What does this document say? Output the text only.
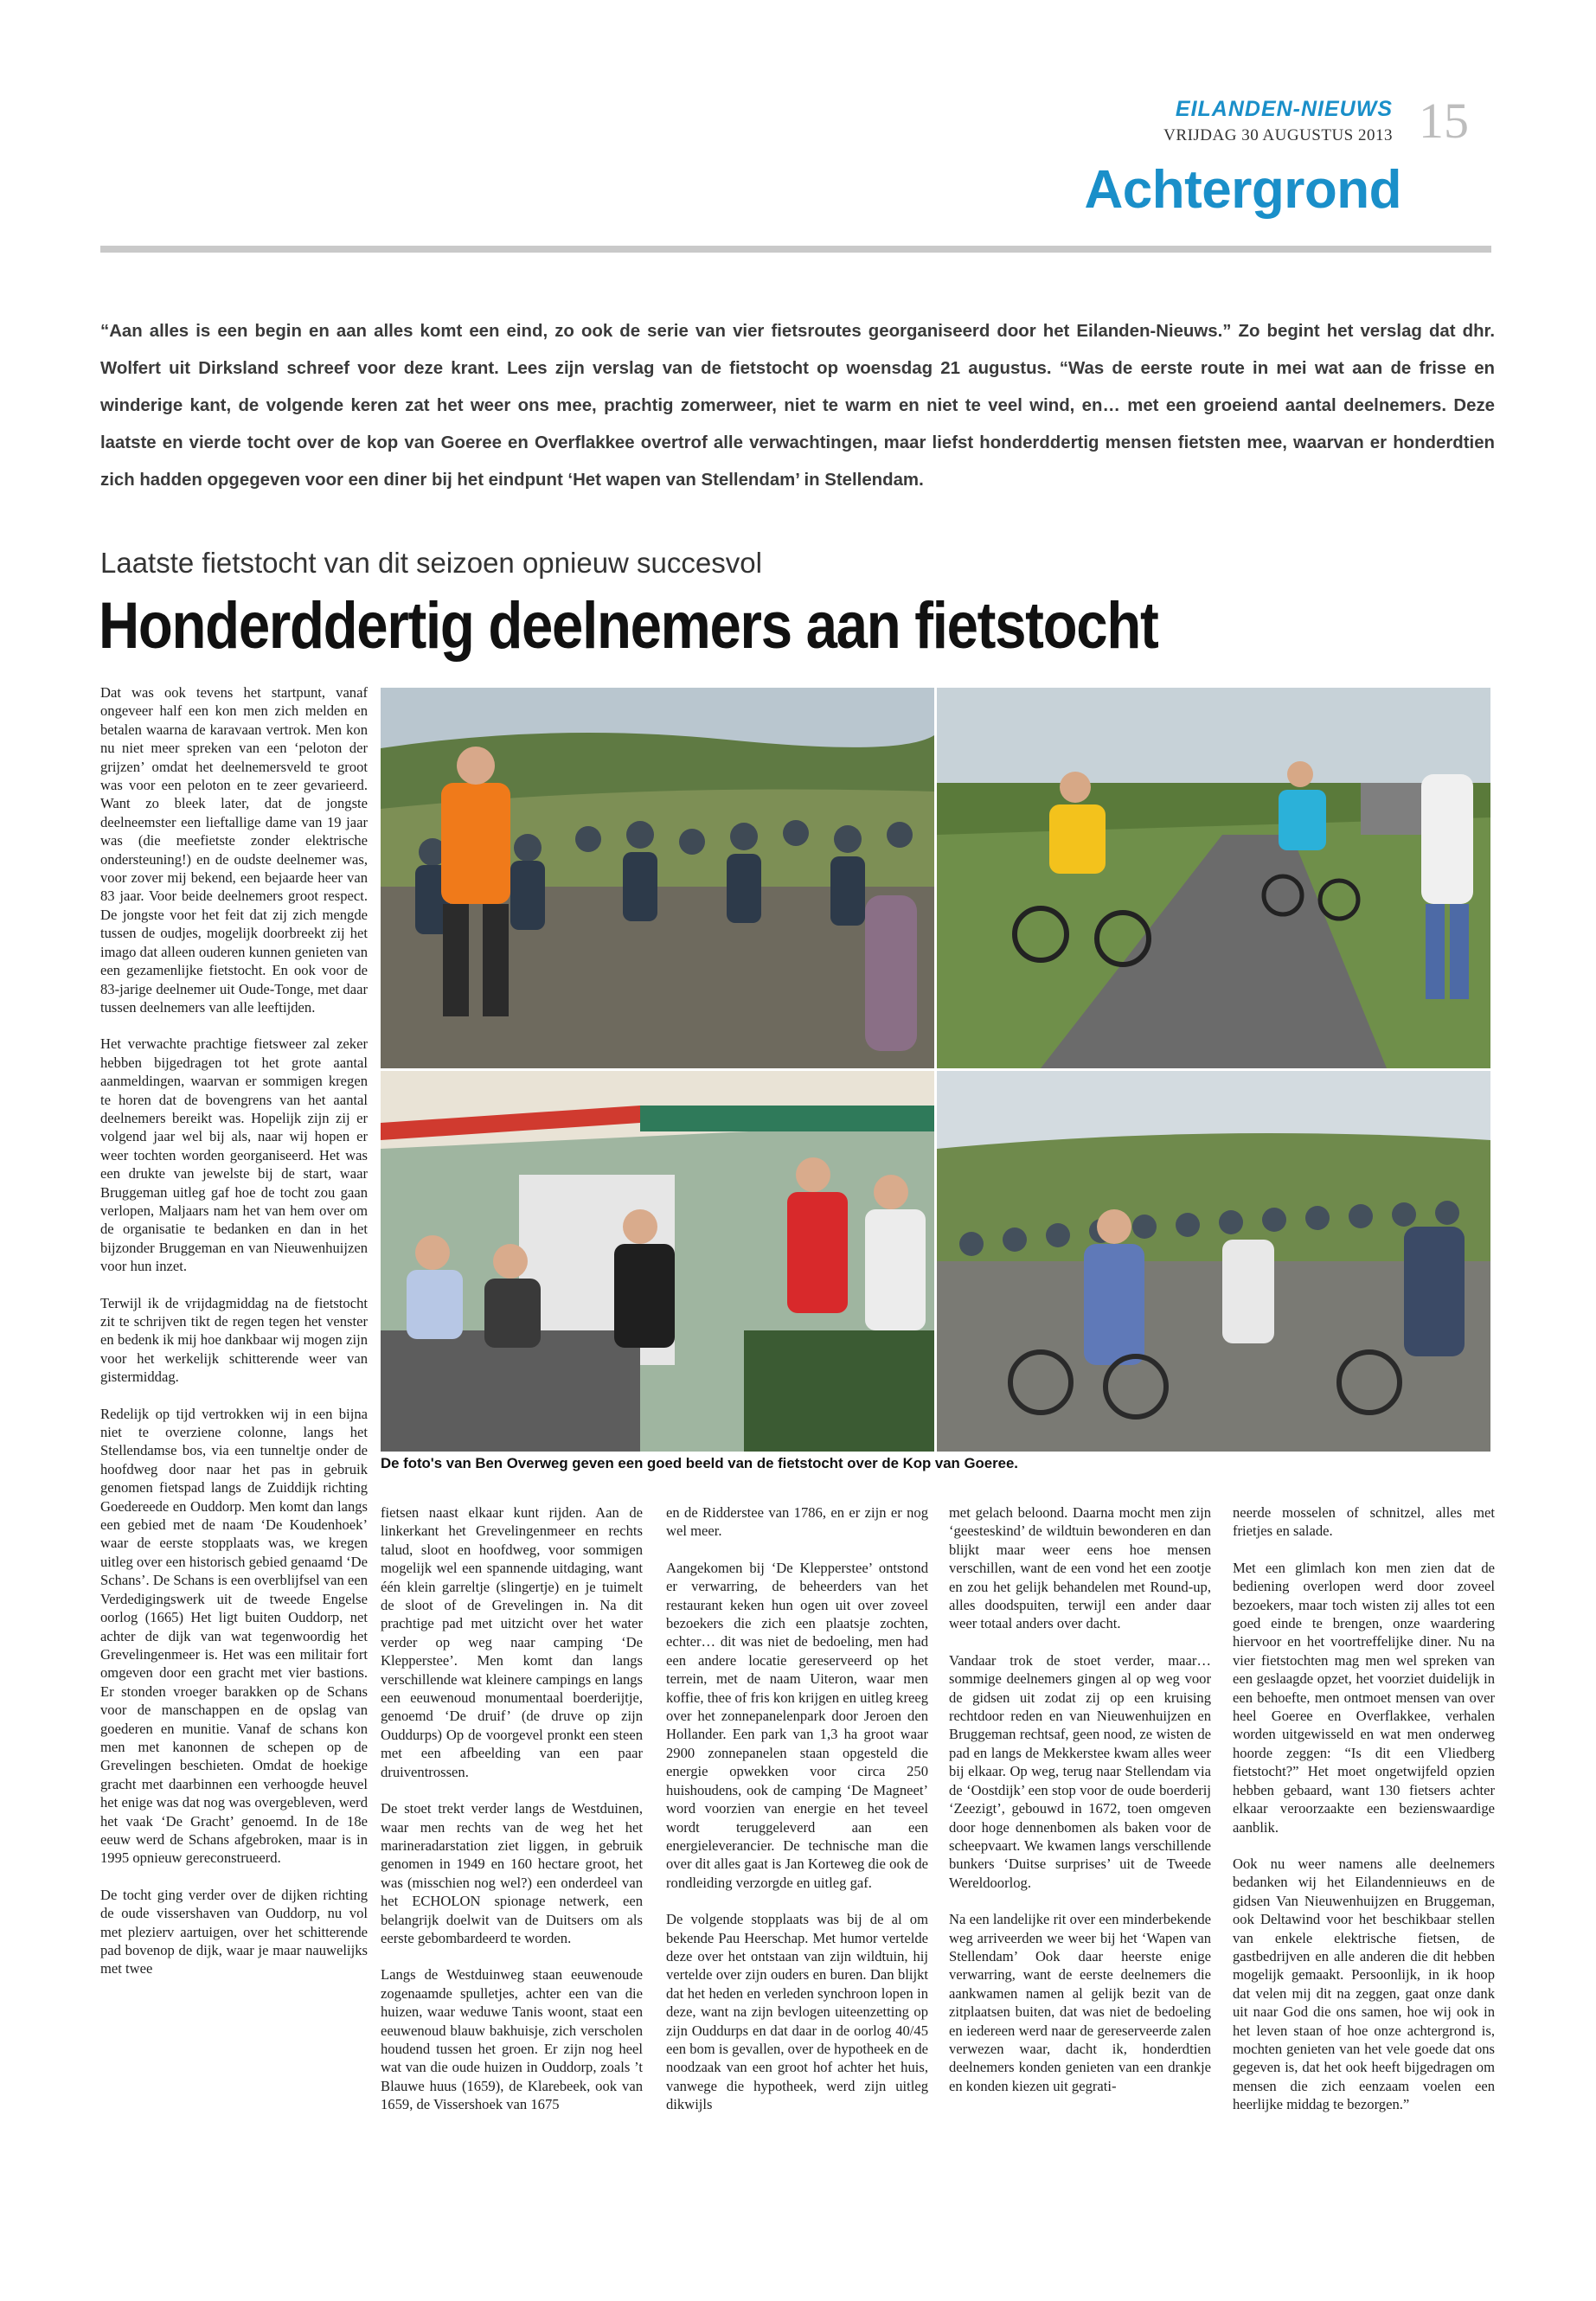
EILANDEN-NIEUWS
VRIJDAG 30 AUGUSTUS 2013 15
Achtergrond
“Aan alles is een begin en aan alles komt een eind, zo ook de serie van vier fietsroutes georganiseerd door het Eilanden-Nieuws.” Zo begint het verslag dat dhr. Wolfert uit Dirksland schreef voor deze krant. Lees zijn verslag van de fietstocht op woensdag 21 augustus. “Was de eerste route in mei wat aan de frisse en winderige kant, de volgende keren zat het weer ons mee, prachtig zomerweer, niet te warm en niet te veel wind, en… met een groeiend aantal deelnemers. Deze laatste en vierde tocht over de kop van Goeree en Overflakkee overtrof alle verwachtingen, maar liefst honderddertig mensen fietsten mee, waarvan er honderdtien zich hadden opgegeven voor een diner bij het eindpunt ‘Het wapen van Stellendam’ in Stellendam.
Laatste fietstocht van dit seizoen opnieuw succesvol
Honderddertig deelnemers aan fietstocht

Dat was ook tevens het startpunt, vanaf ongeveer half een kon men zich melden en betalen waarna de karavaan vertrok. Men kon nu niet meer spreken van een ‘peloton der grijzen’ omdat het deelnemersveld te groot was voor een peloton en te zeer gevarieerd. Want zo bleek later, dat de jongste deelneemster een lieftallige dame van 19 jaar was (die meefietste zonder elektrische ondersteuning!) en de oudste deelnemer was, voor zover mij bekend, een bejaarde heer van 83 jaar. Voor beide deelnemers groot respect. De jongste voor het feit dat zij zich mengde tussen de oudjes, mogelijk doorbreekt zij het imago dat alleen ouderen kunnen genieten van een gezamenlijke fietstocht. En ook voor de 83-jarige deelnemer uit Oude-Tonge, met daar tussen deelnemers van alle leeftijden.

Het verwachte prachtige fietsweer zal zeker hebben bijgedragen tot het grote aantal aanmeldingen, waarvan er sommigen kregen te horen dat de bovengrens van het aantal deelnemers bereikt was. Hopelijk zijn zij er volgend jaar wel bij als, naar wij hopen er weer tochten worden georganiseerd. Het was een drukte van jewelste bij de start, waar Bruggeman uitleg gaf hoe de tocht zou gaan verlopen, Maljaars nam het van hem over om de organisatie te bedanken en dan in het bijzonder Bruggeman en van Nieuwenhuijzen voor hun inzet.

Terwijl ik de vrijdagmiddag na de fietstocht zit te schrijven tikt de regen tegen het venster en bedenk ik mij hoe dankbaar wij mogen zijn voor het werkelijk schitterende weer van gistermiddag.

Redelijk op tijd vertrokken wij in een bijna niet te overziene colonne, langs het Stellendamse bos, via een tunneltje onder de hoofdweg door naar het pas in gebruik genomen fietspad langs de Zuiddijk richting Goedereede en Ouddorp. Men komt dan langs een gebied met de naam ‘De Koudenhoek’ waar de eerste stopplaats was, we kregen uitleg over een historisch gebied genaamd ‘De Schans’. De Schans is een overblijfsel van een Verdedigingswerk uit de tweede Engelse oorlog (1665) Het ligt buiten Ouddorp, net achter de dijk van wat tegenwoordig het Grevelingenmeer is. Het was een militair fort omgeven door een gracht met vier bastions. Er stonden vroeger barakken op de Schans voor de manschappen en de opslag van goederen en munitie. Vanaf de schans kon men met kanonnen de schepen op de Grevelingen beschieten. Omdat de hoekige gracht met daarbinnen een verhoogde heuvel het enige was dat nog was overgebleven, werd het vaak ‘De Gracht’ genoemd. In de 18e eeuw werd de Schans afgebroken, maar is in 1995 opnieuw gereconstrueerd.

De tocht ging verder over de dijken richting de oude vissershaven van Ouddorp, nu vol met plezierv aartuigen, over het schitterende pad bovenop de dijk, waar je maar nauwelijks met twee

De foto's van Ben Overweg geven een goed beeld van de fietstocht over de Kop van Goeree.

fietsen naast elkaar kunt rijden. Aan de linkerkant het Grevelingenmeer en rechts talud, sloot en hoofdweg, voor sommigen mogelijk wel een spannende uitdaging, want één klein garreltje (slingertje) en je tuimelt de sloot of de Grevelingen in. Na dit prachtige pad met uitzicht over het water verder op weg naar camping ‘De Klepperstee’. Men komt dan langs verschillende wat kleinere campings en langs een eeuwenoud monumentaal boerderijtje, genoemd ‘De druif’ (de druve op zijn Ouddurps) Op de voorgevel pronkt een steen met een afbeelding van een paar druiventrossen.

De stoet trekt verder langs de Westduinen, waar men rechts van de weg het het marineradarstation ziet liggen, in gebruik genomen in 1949 en 160 hectare groot, het was (misschien nog wel?) een onderdeel van het ECHOLON spionage netwerk, een belangrijk doelwit van de Duitsers om als eerste gebombardeerd te worden.

Langs de Westduinweg staan eeuwenoude zogenaamde spulletjes, achter een van die huizen, waar weduwe Tanis woont, staat een eeuwenoud blauw bakhuisje, zich verscholen houdend tussen het groen. Er zijn nog heel wat van die oude huizen in Ouddorp, zoals ’t Blauwe huus (1659), de Klarebeek, ook van 1659, de Vissershoek van 1675

en de Ridderstee van 1786, en er zijn er nog wel meer.

Aangekomen bij ‘De Klepperstee’ ontstond er verwarring, de beheerders van het restaurant keken hun ogen uit over zoveel bezoekers die zich een plaatsje zochten, echter… dit was niet de bedoeling, men had een andere locatie gereserveerd op het terrein, met de naam Uiteron, waar men koffie, thee of fris kon krijgen en uitleg kreeg over het zonnepanelenpark door Jeroen den Hollander. Een park van 1,3 ha groot waar 2900 zonnepanelen staan opgesteld die energie opwekken voor circa 250 huishoudens, ook de camping ‘De Magneet’ word voorzien van energie en het teveel wordt teruggeleverd aan een energieleverancier. De technische man die over dit alles gaat is Jan Korteweg die ook de rondleiding verzorgde en uitleg gaf.

De volgende stopplaats was bij de al om bekende Pau Heerschap. Met humor vertelde deze over het ontstaan van zijn wildtuin, hij vertelde over zijn ouders en buren. Dan blijkt dat het heden en verleden synchroon lopen in deze, want na zijn bevlogen uiteenzetting op zijn Ouddurps en dat daar in de oorlog 40/45 een bom is gevallen, over de hypotheek en de noodzaak van een groot hof achter het huis, vanwege die hypotheek, werd zijn uitleg dikwijls

met gelach beloond. Daarna mocht men zijn ‘geesteskind’ de wildtuin bewonderen en dan blijkt maar weer eens hoe mensen verschillen, want de een vond het een zootje en zou het gelijk behandelen met Round-up, alles doodspuiten, terwijl een ander daar weer totaal anders over dacht.

Vandaar trok de stoet verder, maar… sommige deelnemers gingen al op weg voor de gidsen uit zodat zij op een kruising rechtdoor reden en van Nieuwenhuijzen en Bruggeman rechtsaf, geen nood, ze wisten de pad en langs de Mekkerstee kwam alles weer bij elkaar. Op weg, terug naar Stellendam via de ‘Oostdijk’ een stop voor de oude boerderij ‘Zeezigt’, gebouwd in 1672, toen omgeven door hoge dennenbomen als baken voor de scheepvaart. We kwamen langs verschillende bunkers ‘Duitse surprises’ uit de Tweede Wereldoorlog.

Na een landelijke rit over een minderbekende weg arriveerden we weer bij het ‘Wapen van Stellendam’ Ook daar heerste enige verwarring, want de eerste deelnemers die aankwamen namen al gelijk bezit van de zitplaatsen buiten, dat was niet de bedoeling en iedereen werd naar de gereserveerde zalen verwezen waar, dacht ik, honderdtien deelnemers konden genieten van een drankje en konden kiezen uit gegrati-

neerde mosselen of schnitzel, alles met frietjes en salade.

Met een glimlach kon men zien dat de bediening overlopen werd door zoveel bezoekers, maar toch wisten zij alles tot een goed einde te brengen, onze waardering hiervoor en het voortreffelijke diner. Nu na vier fietstochten mag men wel spreken van een geslaagde opzet, het voorziet duidelijk in een behoefte, men ontmoet mensen van over heel Goeree en Overflakkee, verhalen worden uitgewisseld en wat men onderweg hoorde zeggen: “Is dit een Vliedberg fietstocht?” Het moet ongetwijfeld opzien hebben gebaard, want 130 fietsers achter elkaar veroorzaakte een bezienswaardige aanblik.

Ook nu weer namens alle deelnemers bedanken wij het Eilandennieuws en de gidsen Van Nieuwenhuijzen en Bruggeman, ook Deltawind voor het beschikbaar stellen van enkele elektrische fietsen, de gastbedrijven en alle anderen die dit hebben mogelijk gemaakt. Persoonlijk, in ik hoop dat velen mij dit na zeggen, gaat onze dank uit naar God die ons samen, hoe wij ook in het leven staan of hoe onze achtergrond is, mochten genieten van het vele goede dat ons gegeven is, dat het ook heeft bijgedragen om mensen die zich eenzaam voelen een heerlijke middag te bezorgen.”
